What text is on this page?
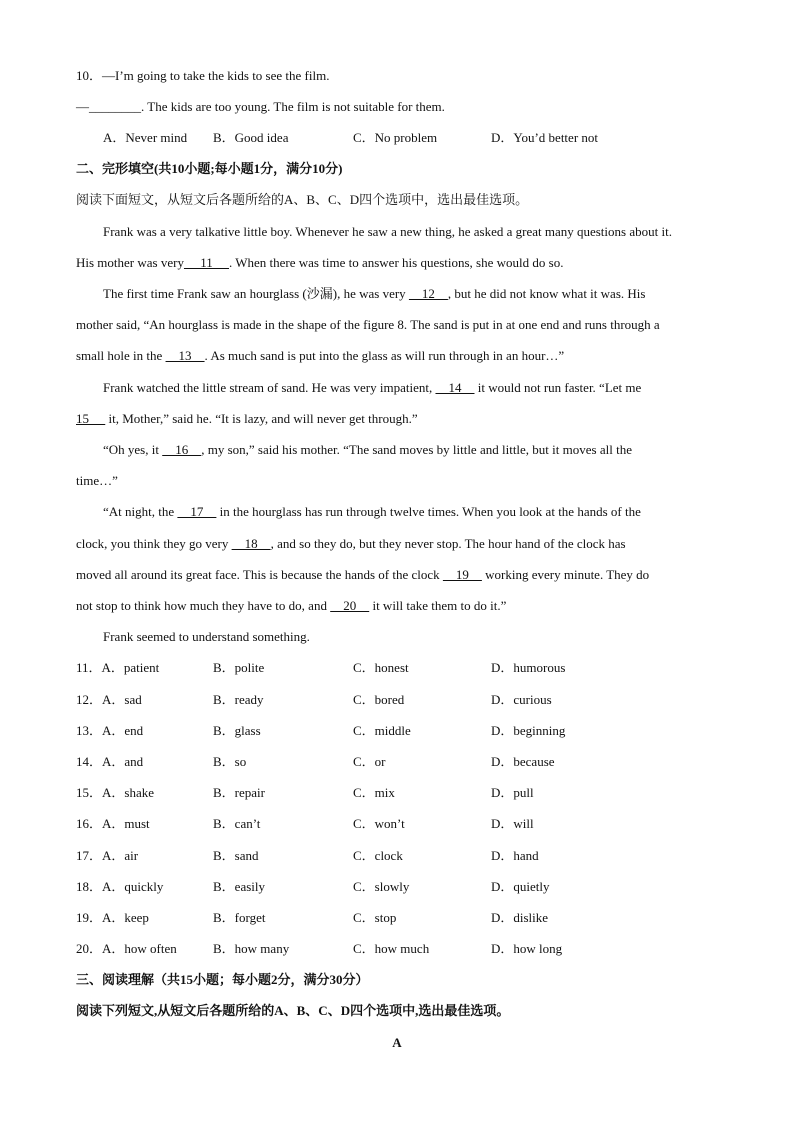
10．—I’m going to take the kids to see the film.
—________. The kids are too young. The film is not suitable for them.
A．Never mind B．Good idea	C．No problem	D．You’d better not
二、完形填空(共10小题;每小题1分，满分10分)
阅读下面短文，从短文后各题所给的A、B、C、D四个选项中，选出最佳选项。
Frank was a very talkative little boy. Whenever he saw a new thing, he asked a great many questions about it.
His mother was very     11     . When there was time to answer his questions, she would do so.
The first time Frank saw an hourglass (沙漏), he was very     12    , but he did not know what it was. His
mother said, “An hourglass is made in the shape of the figure 8. The sand is put in at one end and runs through a
small hole in the     13    . As much sand is put into the glass as will run through in an hour…”
Frank watched the little stream of sand. He was very impatient,     14     it would not run faster. “Let me
15      it, Mother,” said he. “It is lazy, and will never get through.”
“Oh yes, it     16    , my son,” said his mother. “The sand moves by little and little, but it moves all the
time…”
“At night, the     17     in the hourglass has run through twelve times. When you look at the hands of the
clock, you think they go very     18    , and so they do, but they never stop. The hour hand of the clock has
moved all around its great face. This is because the hands of the clock     19     working every minute. They do
not stop to think how much they have to do, and     20     it will take them to do it.”
Frank seemed to understand something.
11．A．patient	B．polite	C．honest	D．humorous
12．A．sad	B．ready	C．bored	D．curious
13．A．end	B．glass	C．middle	D．beginning
14．A．and	B．so	C．or	D．because
15．A．shake	B．repair	C．mix	D．pull
16．A．must	B．can’t	C．won’t	D．will
17．A．air	B．sand	C．clock	D．hand
18．A．quickly	B．easily	C．slowly	D．quietly
19．A．keep	B．forget	C．stop	D．dislike
20．A．how often	B．how many	C．how much	D．how long
三、阅读理解（共15小题；每小题2分，满分30分）
阅读下列短文,从短文后各题所给的A、B、C、D四个选项中,选出最佳选项。
A
